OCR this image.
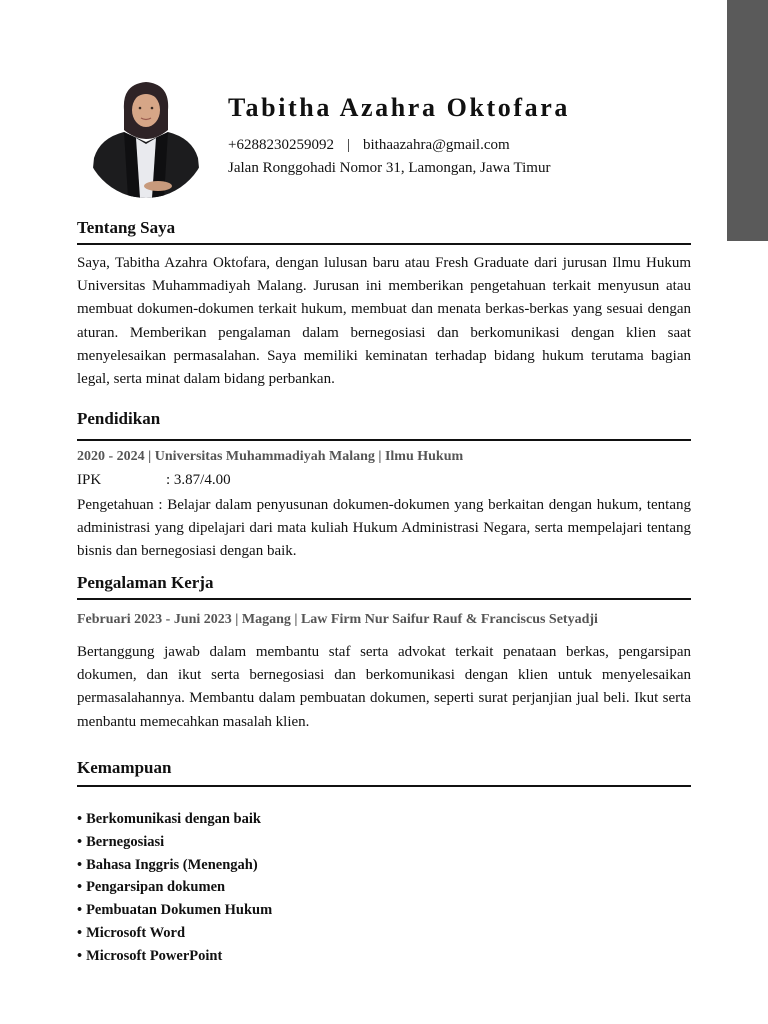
Tabitha Azahra Oktofara
+6288230259092 | bithaazahra@gmail.com
Jalan Ronggohadi Nomor 31, Lamongan, Jawa Timur
Tentang Saya

Saya, Tabitha Azahra Oktofara, dengan lulusan baru atau Fresh Graduate dari jurusan Ilmu Hukum Universitas Muhammadiyah Malang. Jurusan ini memberikan pengetahuan terkait menyusun atau membuat dokumen-dokumen terkait hukum, membuat dan menata berkas-berkas yang sesuai dengan aturan. Memberikan pengalaman dalam bernegosiasi dan berkomunikasi dengan klien saat menyelesaikan permasalahan. Saya memiliki keminatan terhadap bidang hukum terutama bagian legal, serta minat dalam bidang perbankan.

Pendidikan
2020 - 2024 | Universitas Muhammadiyah Malang | Ilmu Hukum
IPK	: 3.87/4.00

Pengetahuan : Belajar dalam penyusunan dokumen-dokumen yang berkaitan dengan hukum, tentang administrasi yang dipelajari dari mata kuliah Hukum Administrasi Negara, serta mempelajari tentang bisnis dan bernegosiasi dengan baik.

Pengalaman Kerja
Februari 2023 - Juni 2023 | Magang | Law Firm Nur Saifur Rauf & Franciscus Setyadji

Bertanggung jawab dalam membantu staf serta advokat terkait penataan berkas, pengarsipan dokumen, dan ikut serta bernegosiasi dan berkomunikasi dengan klien untuk menyelesaikan permasalahannya. Membantu dalam pembuatan dokumen, seperti surat perjanjian jual beli. Ikut serta menbantu memecahkan masalah klien.

Kemampuan
• Berkomunikasi dengan baik
• Bernegosiasi
• Bahasa Inggris (Menengah)
• Pengarsipan dokumen
• Pembuatan Dokumen Hukum
• Microsoft Word
• Microsoft PowerPoint
